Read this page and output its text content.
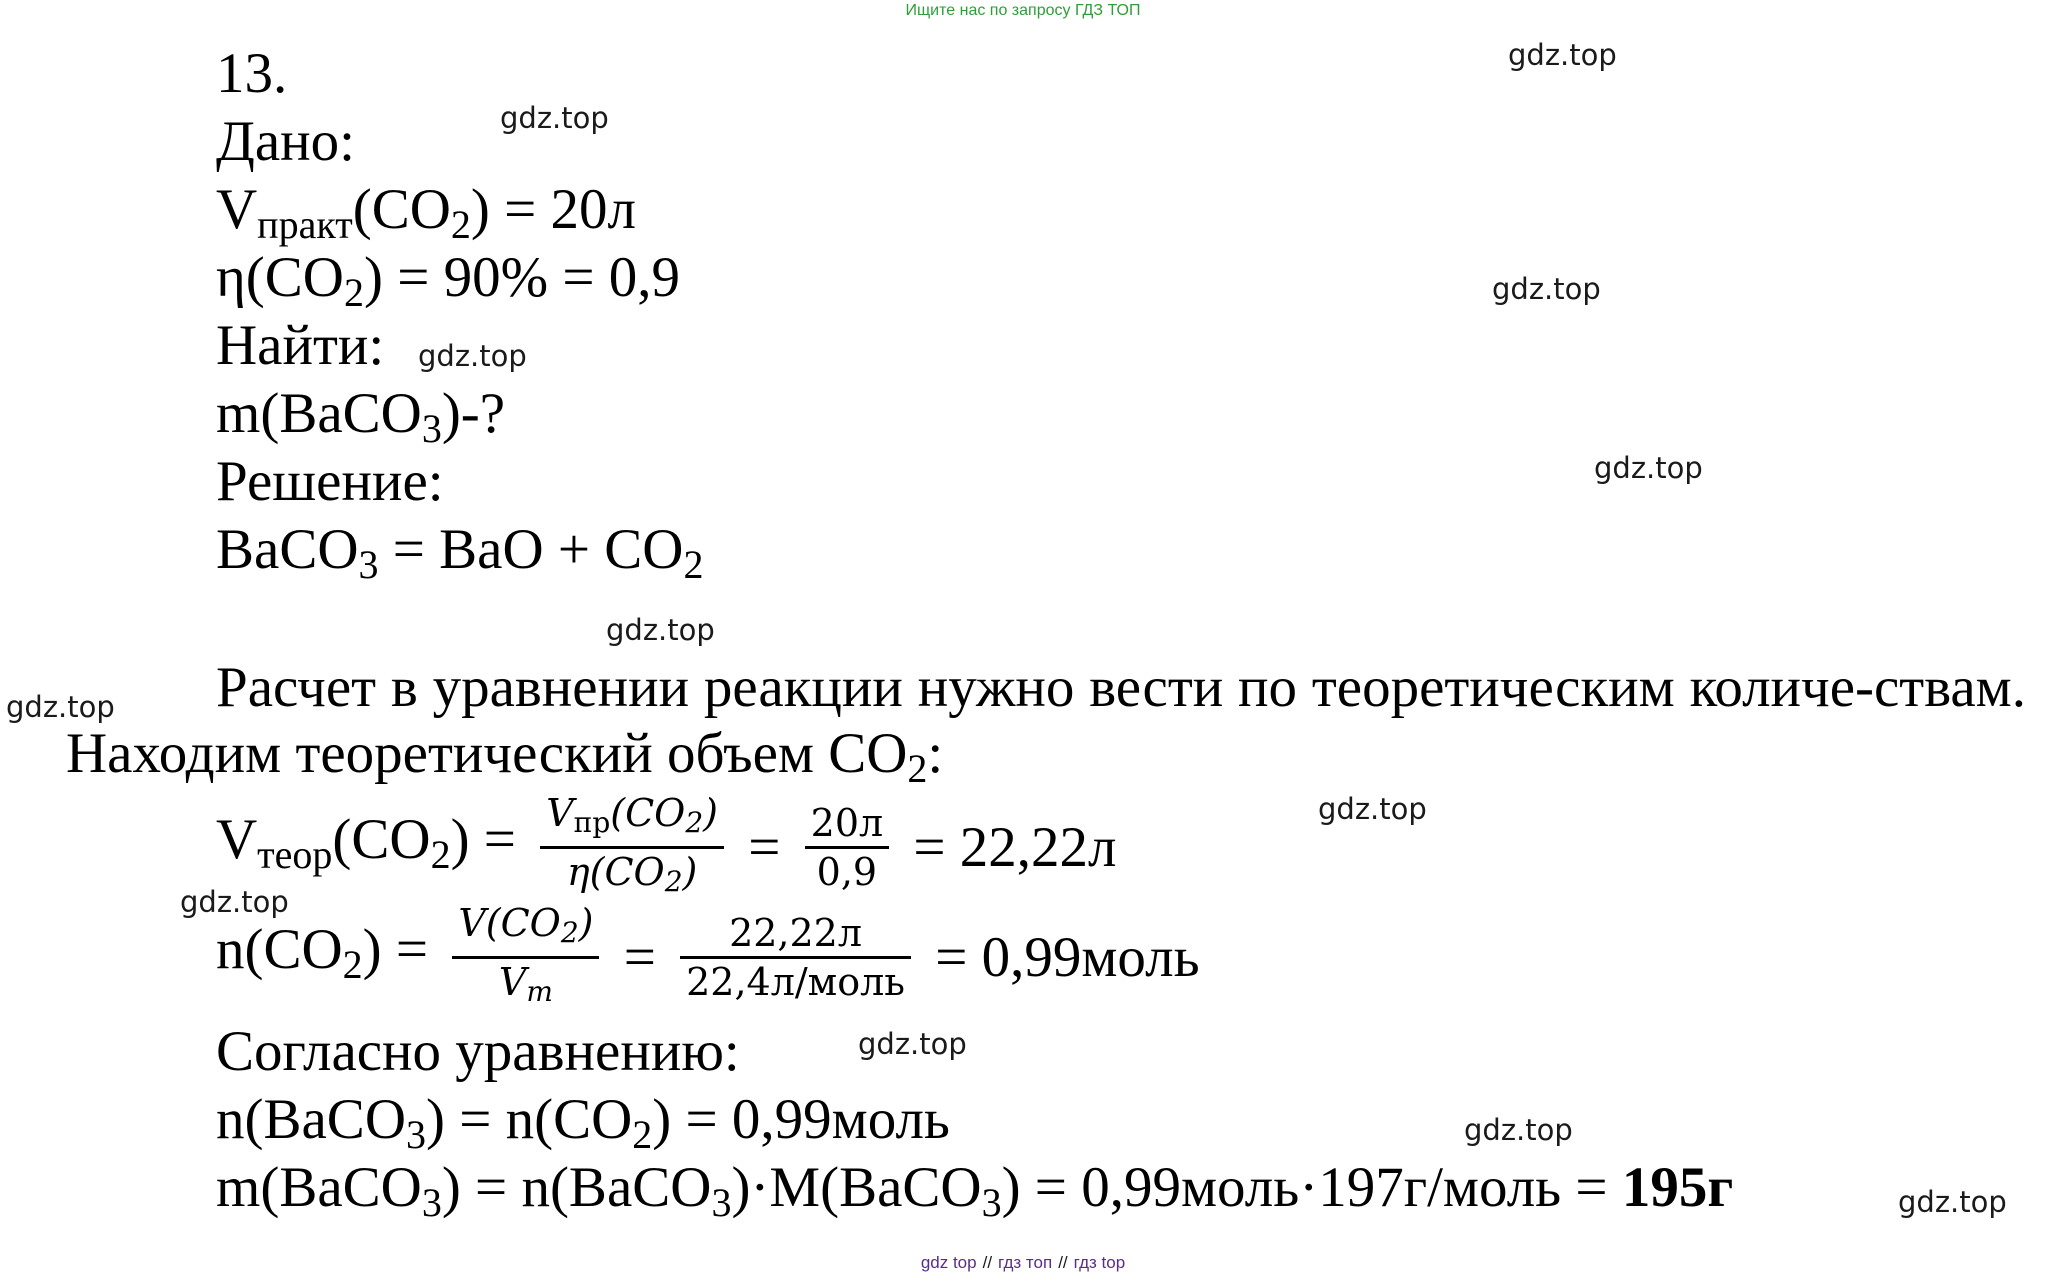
Ищите нас по запросу ГДЗ ТОП
gdz.top
gdz.top
gdz.top
gdz.top
gdz.top
gdz.top
gdz.top
gdz.top
gdz.top
gdz.top
gdz.top
gdz.top
13.
Дано:
$V_{практ}(CO_2) = 20л$
$\eta(CO_2) = 90\% = 0,9$
Найти:
m(BaCO$_3$)-?
Решение:
BaCO$_3$ = BaO + $CO_2$
Расчет в уравнении реакции нужно вести по теоретическим количе-ствам. Находим теоретический объем $CO_2$:
$V_{теор}(CO_2) = \frac{\text{Vпр(CO2)}}{\eta(CO2)} = \frac{20л}{0,9} = 22,22л$
$n(CO_2) = \frac{V(CO2)}{Vm} = \frac{22,22л}{\text{22,4л/моль}}$ = 0,99моль
Согласно уравнению:
n(BaCO$_3$) = $n(CO_2)$ = 0,99моль
m(BaCO$_3$) = n(BaCO$_3$)·M(BaCO$_3$) = 0,99моль·197г/моль = 195г
gdz top // гдз топ // гдз top
